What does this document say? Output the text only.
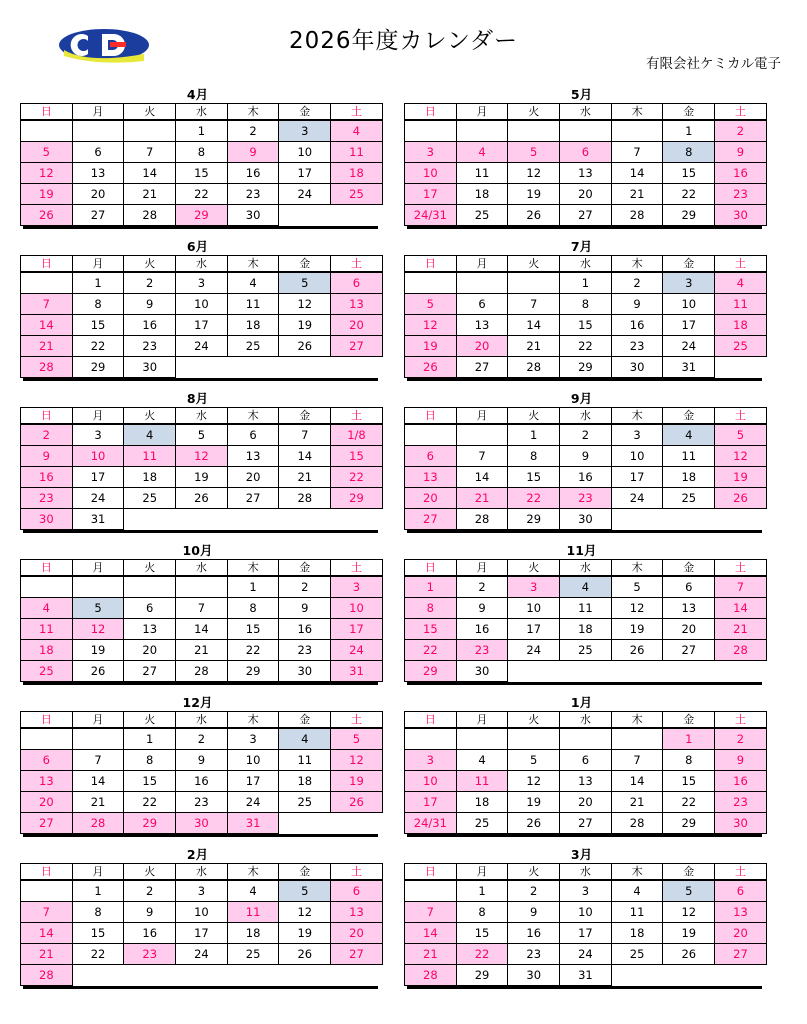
2026年度カレンダー
有限会社ケミカル電子
4月
日	月	火	水	木	金	土
			1	2	3	4
5	6	7	8	9	10	11
12	13	14	15	16	17	18
19	20	21	22	23	24	25
26	27	28	29	30		
5月
日	月	火	水	木	金	土
					1	2
3	4	5	6	7	8	9
10	11	12	13	14	15	16
17	18	19	20	21	22	23
24/31	25	26	27	28	29	30
6月
日	月	火	水	木	金	土
	1	2	3	4	5	6
7	8	9	10	11	12	13
14	15	16	17	18	19	20
21	22	23	24	25	26	27
28	29	30				
7月
日	月	火	水	木	金	土
			1	2	3	4
5	6	7	8	9	10	11
12	13	14	15	16	17	18
19	20	21	22	23	24	25
26	27	28	29	30	31	
8月
日	月	火	水	木	金	土
2	3	4	5	6	7	1/8
9	10	11	12	13	14	15
16	17	18	19	20	21	22
23	24	25	26	27	28	29
30	31					
9月
日	月	火	水	木	金	土
		1	2	3	4	5
6	7	8	9	10	11	12
13	14	15	16	17	18	19
20	21	22	23	24	25	26
27	28	29	30			
10月
日	月	火	水	木	金	土
				1	2	3
4	5	6	7	8	9	10
11	12	13	14	15	16	17
18	19	20	21	22	23	24
25	26	27	28	29	30	31
11月
日	月	火	水	木	金	土
1	2	3	4	5	6	7
8	9	10	11	12	13	14
15	16	17	18	19	20	21
22	23	24	25	26	27	28
29	30					
12月
日	月	火	水	木	金	土
		1	2	3	4	5
6	7	8	9	10	11	12
13	14	15	16	17	18	19
20	21	22	23	24	25	26
27	28	29	30	31		
1月
日	月	火	水	木	金	土
					1	2
3	4	5	6	7	8	9
10	11	12	13	14	15	16
17	18	19	20	21	22	23
24/31	25	26	27	28	29	30
2月
日	月	火	水	木	金	土
	1	2	3	4	5	6
7	8	9	10	11	12	13
14	15	16	17	18	19	20
21	22	23	24	25	26	27
28						
3月
日	月	火	水	木	金	土
	1	2	3	4	5	6
7	8	9	10	11	12	13
14	15	16	17	18	19	20
21	22	23	24	25	26	27
28	29	30	31			
